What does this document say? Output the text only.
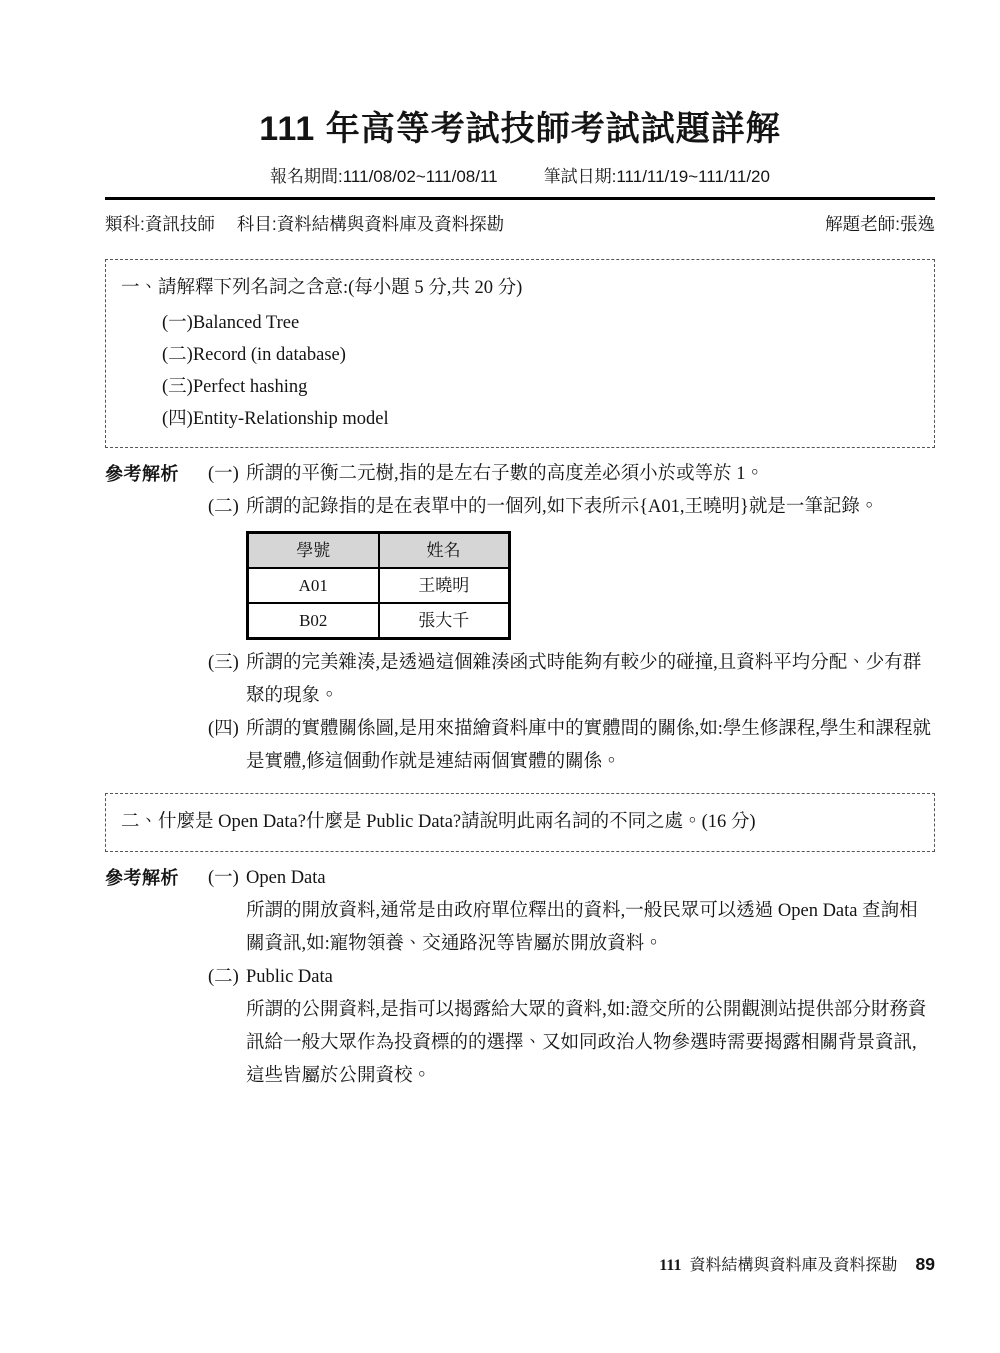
111 年高等考試技師考試試題詳解
報名期間:111/08/02~111/08/11	筆試日期:111/11/19~111/11/20
類科:資訊技師 科目:資料結構與資料庫及資料探勘	解題老師:張逸
一、請解釋下列名詞之含意:(每小題 5 分,共 20 分)
(一)Balanced Tree
(二)Record (in database)
(三)Perfect hashing
(四)Entity-Relationship model
參考解析	(一) 所謂的平衡二元樹,指的是左右子數的高度差必須小於或等於 1。
(二) 所謂的記錄指的是在表單中的一個列,如下表所示{A01,王曉明}就是一筆記錄。
學號	姓名
A01	王曉明
B02	張大千
(三) 所謂的完美雜湊,是透過這個雜湊函式時能夠有較少的碰撞,且資料平均分配、少有群聚的現象。
(四) 所謂的實體關係圖,是用來描繪資料庫中的實體間的關係,如:學生修課程,學生和課程就是實體,修這個動作就是連結兩個實體的關係。
二、什麼是 Open Data?什麼是 Public Data?請說明此兩名詞的不同之處。(16 分)
參考解析	(一) Open Data
所謂的開放資料,通常是由政府單位釋出的資料,一般民眾可以透過 Open Data 查詢相關資訊,如:寵物領養、交通路況等皆屬於開放資料。
(二) Public Data
所謂的公開資料,是指可以揭露給大眾的資料,如:證交所的公開觀測站提供部分財務資訊給一般大眾作為投資標的的選擇、又如同政治人物參選時需要揭露相關背景資訊,這些皆屬於公開資校。
111 資料結構與資料庫及資料探勘 89
